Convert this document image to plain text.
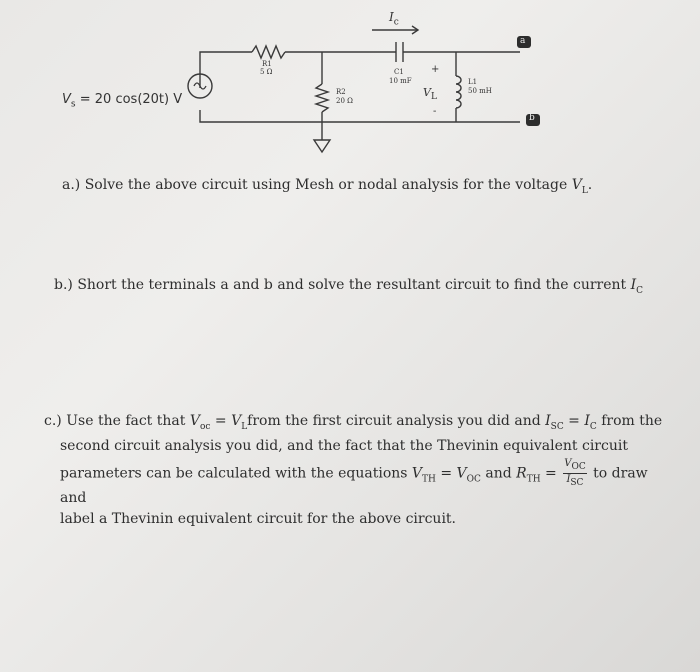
$V_s = 20$ cos(20t) V
R1
5 Ω
R2
20 Ω
C1
10 mF	L1
50 mH
$I_c$
$V_L$
+
-
a
b

a.) Solve the above circuit using Mesh or nodal analysis for the voltage $V_L$.

b.) Short the terminals a and b and solve the resultant circuit to find the current $I_C$

c.) Use the fact that $V_{oc}$ = $V_Lfrom$ the first circuit analysis you did and $I_{SC} = I_C$ from the
second circuit analysis you did, and the fact that the Thevinin equivalent circuit
parameters can be calculated with the equations $V_{TH} = V_{OC}$ and $R_{TH} = \frac{V_{OC}}{I_{SC}}$ to draw and
label a Thevinin equivalent circuit for the above circuit.
